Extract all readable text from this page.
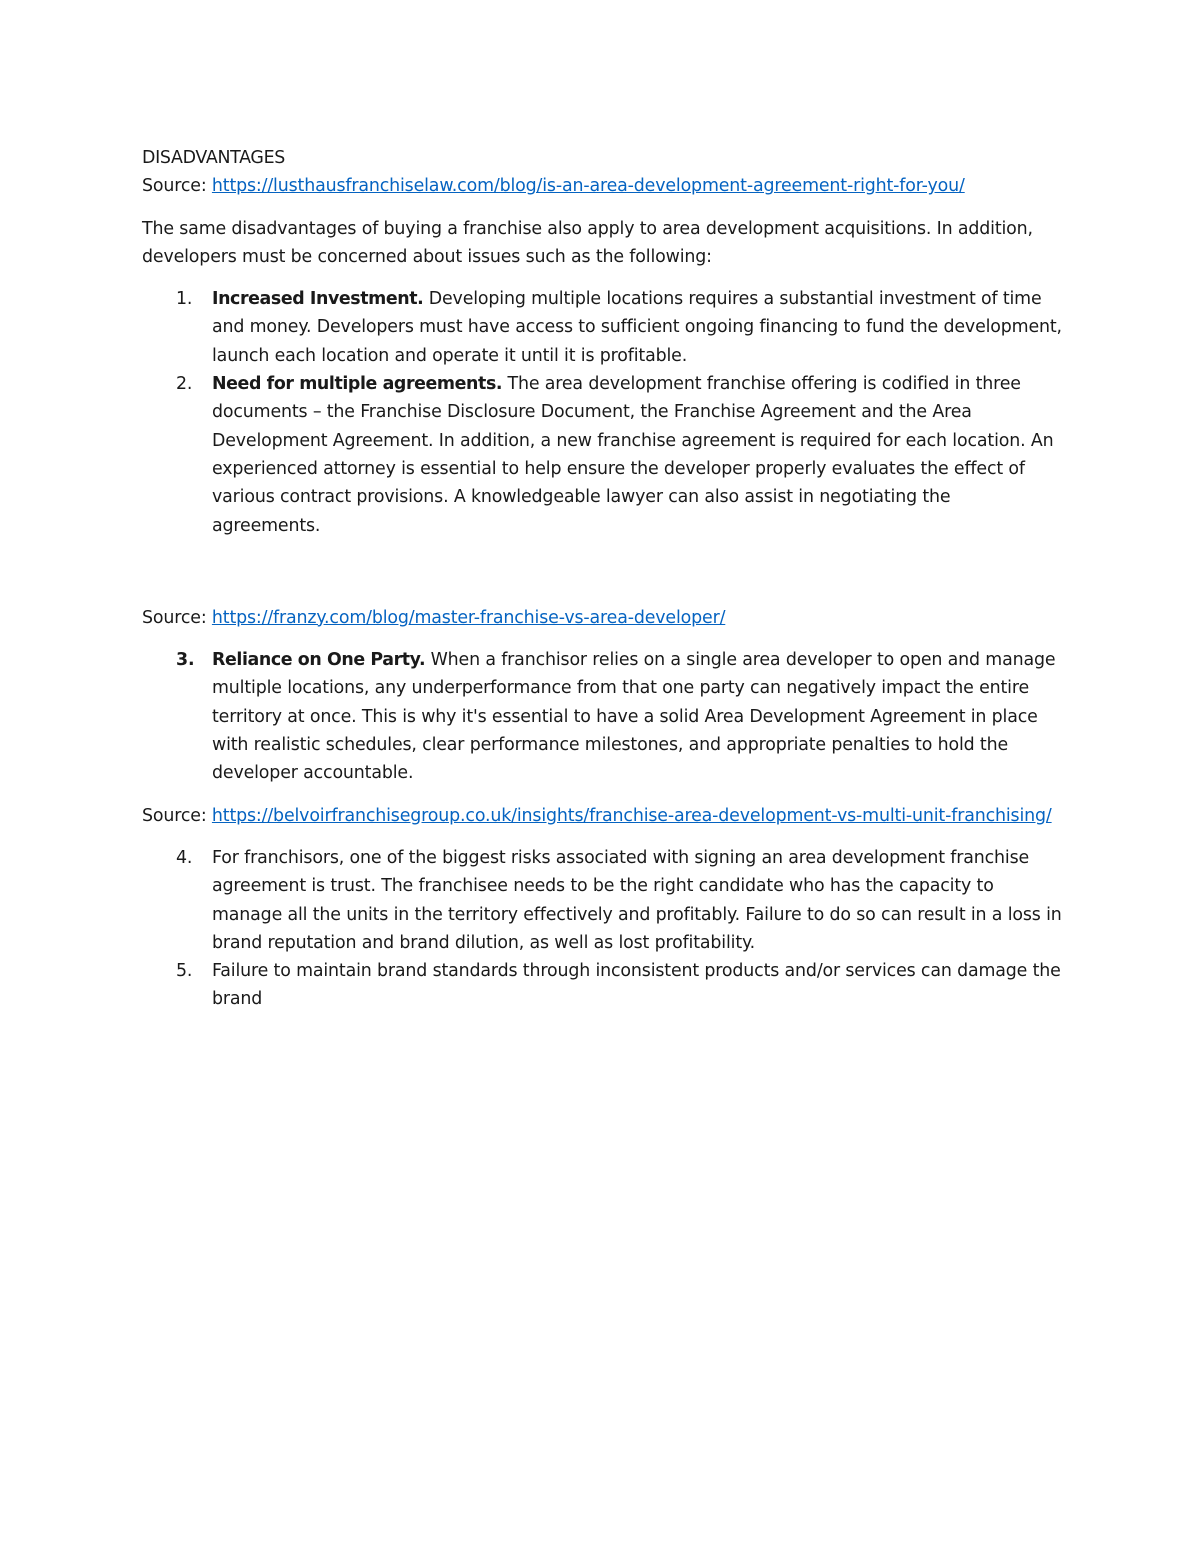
DISADVANTAGES

Source: https://lusthausfranchiselaw.com/blog/is-an-area-development-agreement-right-for-you/

The same disadvantages of buying a franchise also apply to area development acquisitions. In addition, developers must be concerned about issues such as the following:

1. Increased Investment. Developing multiple locations requires a substantial investment of time and money. Developers must have access to sufficient ongoing financing to fund the development, launch each location and operate it until it is profitable.
2. Need for multiple agreements. The area development franchise offering is codified in three documents – the Franchise Disclosure Document, the Franchise Agreement and the Area Development Agreement. In addition, a new franchise agreement is required for each location. An experienced attorney is essential to help ensure the developer properly evaluates the effect of various contract provisions. A knowledgeable lawyer can also assist in negotiating the agreements.

Source: https://franzy.com/blog/master-franchise-vs-area-developer/

3. Reliance on One Party. When a franchisor relies on a single area developer to open and manage multiple locations, any underperformance from that one party can negatively impact the entire territory at once. This is why it's essential to have a solid Area Development Agreement in place with realistic schedules, clear performance milestones, and appropriate penalties to hold the developer accountable.

Source: https://belvoirfranchisegroup.co.uk/insights/franchise-area-development-vs-multi-unit-franchising/

4. For franchisors, one of the biggest risks associated with signing an area development franchise agreement is trust. The franchisee needs to be the right candidate who has the capacity to manage all the units in the territory effectively and profitably. Failure to do so can result in a loss in brand reputation and brand dilution, as well as lost profitability.
5. Failure to maintain brand standards through inconsistent products and/or services can damage the brand
